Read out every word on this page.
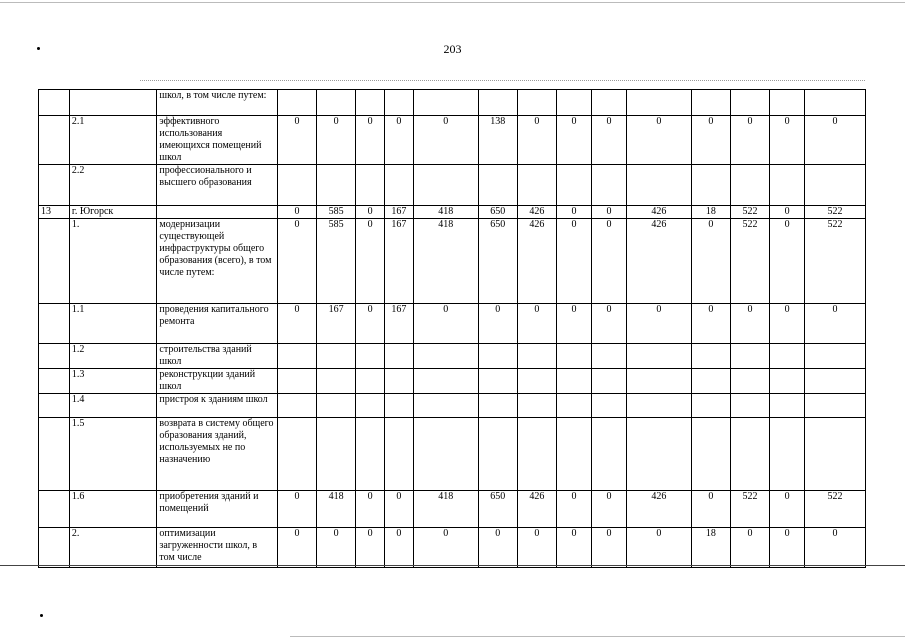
203
		школ, в том числе путем:														
	2.1	эффективного использования имеющихся помещений школ	0	0	0	0	0	138	0	0	0	0	0	0	0	0
	2.2	профессионального и высшего образования														
13	г. Югорск		0	585	0	167	418	650	426	0	0	426	18	522	0	522
	1.	модернизации существующей инфраструктуры общего образования (всего), в том числе путем:	0	585	0	167	418	650	426	0	0	426	0	522	0	522
	1.1	проведения капитального ремонта	0	167	0	167	0	0	0	0	0	0	0	0	0	0
	1.2	строительства зданий школ														
	1.3	реконструкции зданий школ														
	1.4	пристроя к зданиям школ														
	1.5	возврата в систему общего образования зданий, используемых не по назначению														
	1.6	приобретения зданий и помещений	0	418	0	0	418	650	426	0	0	426	0	522	0	522
	2.	оптимизации загруженности школ, в том числе	0	0	0	0	0	0	0	0	0	0	18	0	0	0
